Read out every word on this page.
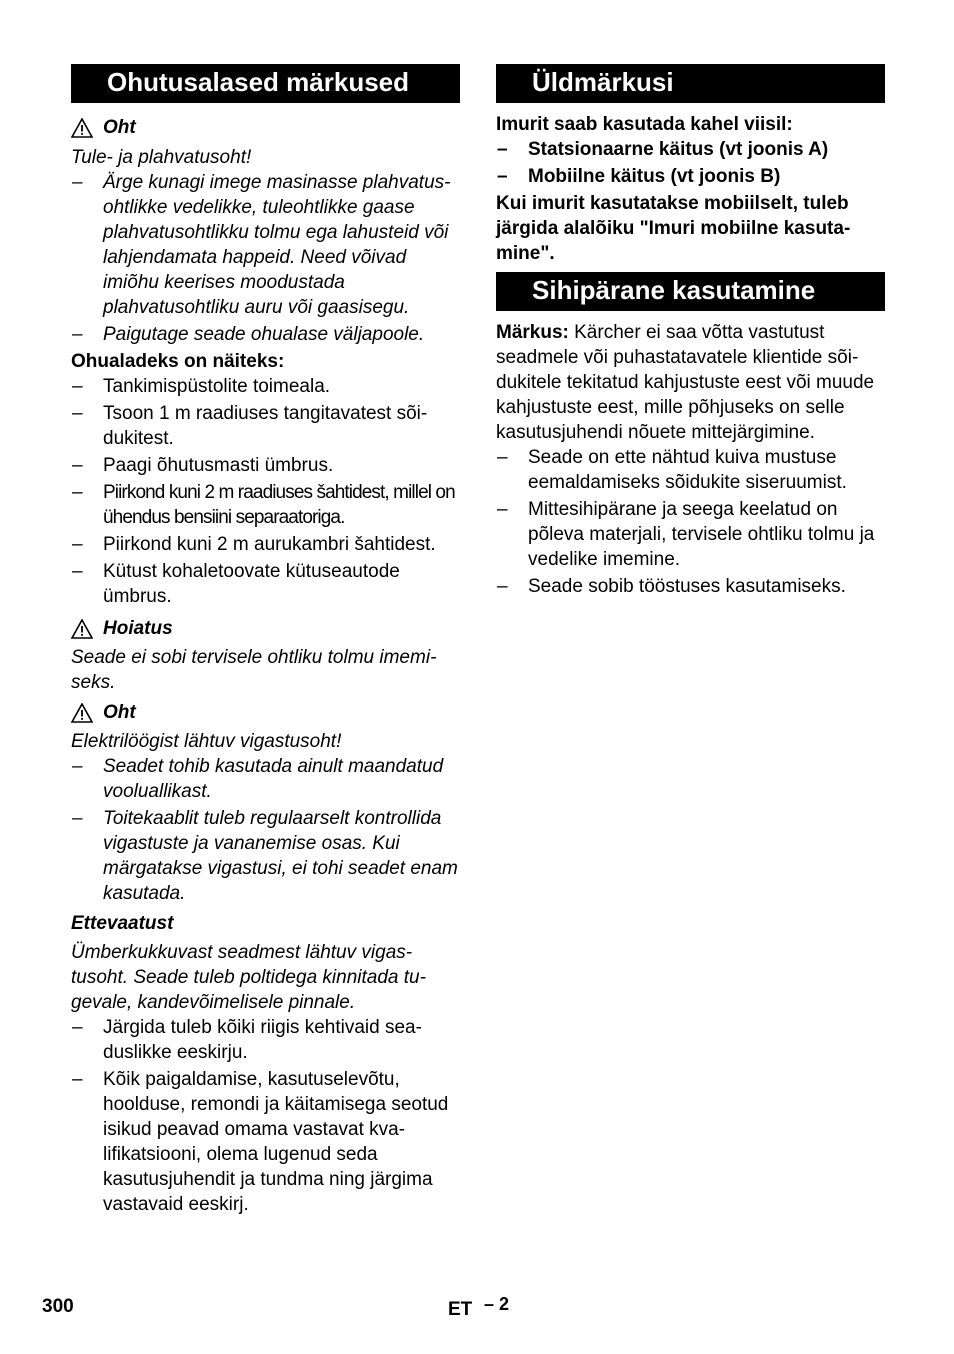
Ohutusalased märkused
Oht

Tule- ja plahvatusoht!

–	Ärge kunagi imege masinasse plahvatusohtlikke vedelikke, tuleohtlikke gaase plahvatusohtlikku tolmu ega lahusteid või lahjendamata happeid. Need võivad imiõhu keerises moodustada plahvatusohtliku auru või gaasisegu.
–	Paigutage seade ohualase väljapoole.

Ohualadeks on näiteks:

–	Tankimispüstolite toimeala.
–	Tsoon 1 m raadiuses tangitavatest sõidukitest.
–	Paagi õhutusmasti ümbrus.
–	Piirkond kuni 2 m raadiuses šahtidest, millel on ühendus bensiini separaatoriga.
–	Piirkond kuni 2 m aurukambri šahtidest.
–	Kütust kohaletoovate kütuseautode ümbrus.
Hoiatus

Seade ei sobi tervisele ohtliku tolmu imemiseks.

Oht

Elektrilöögist lähtuv vigastusoht!

–	Seadet tohib kasutada ainult maandatud vooluallikast.
–	Toitekaablit tuleb regulaarselt kontrollida vigastuste ja vananemise osas. Kui märgatakse vigastusi, ei tohi seadet enam kasutada.

Ettevaatust

Ümberkukkuvast seadmest lähtuv vigastusoht. Seade tuleb poltidega kinnitada tugevale, kandevõimelisele pinnale.

–	Järgida tuleb kõiki riigis kehtivaid seaduslikke eeskirju.
–	Kõik paigaldamise, kasutuselevõtu, hoolduse, remondi ja käitamisega seotud isikud peavad omama vastavat kvalifikatsiooni, olema lugenud seda kasutusjuhendit ja tundma ning järgima vastavaid eeskirj.
Üldmärkusi

Imurit saab kasutada kahel viisil:

–	Statsionaarne käitus (vt joonis A)
–	Mobiilne käitus (vt joonis B)

Kui imurit kasutatakse mobiilselt, tuleb järgida alalõiku "Imuri mobiilne kasutamine".

Sihipärane kasutamine

Märkus: Kärcher ei saa võtta vastutust seadmele või puhastatavatele klientide sõidukitele tekitatud kahjustuste eest või muude kahjustuste eest, mille põhjuseks on selle kasutusjuhendi nõuete mittejärgimine.

–	Seade on ette nähtud kuiva mustuse eemaldamiseks sõidukite siseruumist.
–	Mittesihipärane ja seega keelatud on põleva materjali, tervisele ohtliku tolmu ja vedelike imemine.
–	Seade sobib tööstuses kasutamiseks.
300	ET – 2
